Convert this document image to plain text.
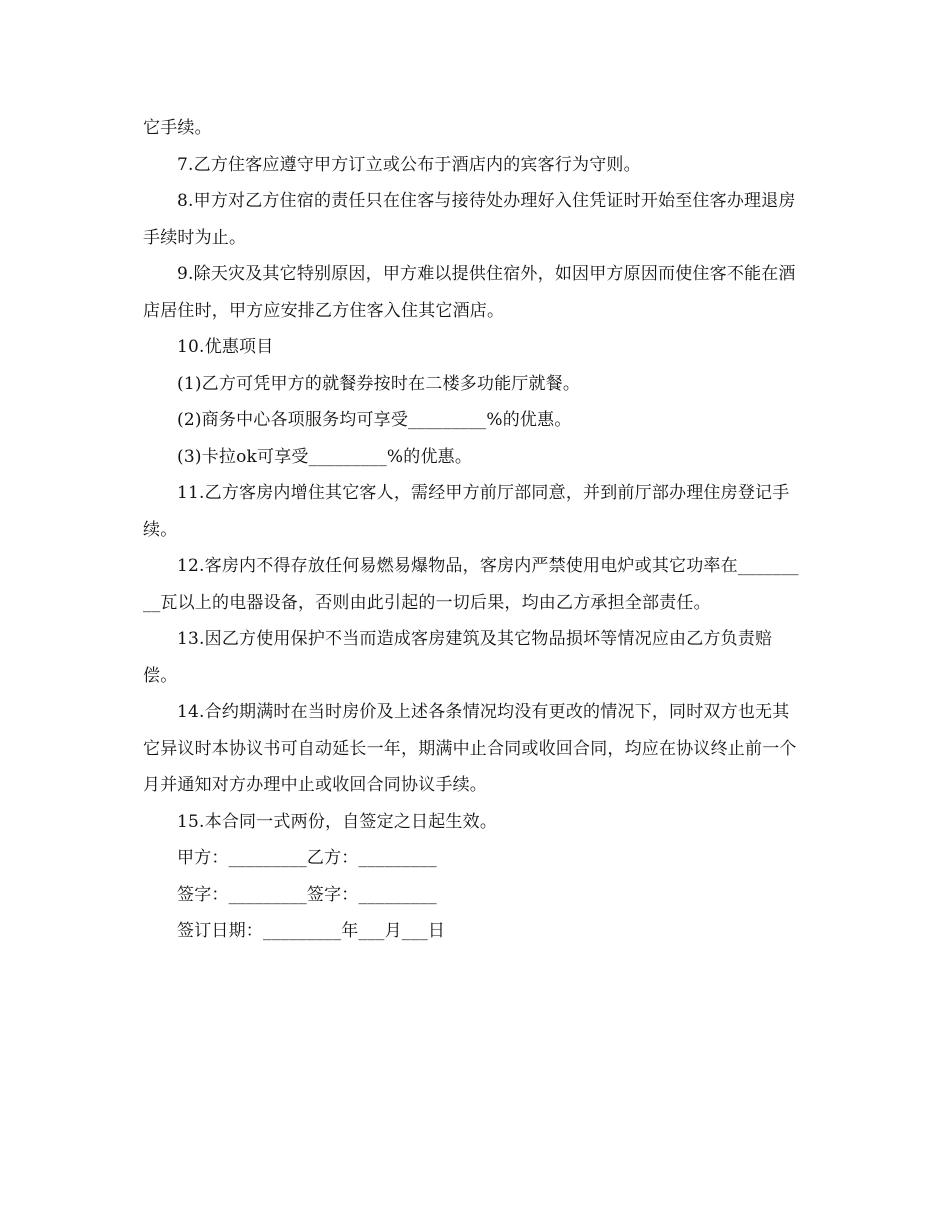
它手续。

7.乙方住客应遵守甲方订立或公布于酒店内的宾客行为守则。

8.甲方对乙方住宿的责任只在住客与接待处办理好入住凭证时开始至住客办理退房手续时为止。

9.除天灾及其它特别原因，甲方难以提供住宿外，如因甲方原因而使住客不能在酒店居住时，甲方应安排乙方住客入住其它酒店。

10.优惠项目

(1)乙方可凭甲方的就餐券按时在二楼多功能厅就餐。

(2)商务中心各项服务均可享受_________%的优惠。

(3)卡拉ok可享受_________%的优惠。

11.乙方客房内增住其它客人，需经甲方前厅部同意，并到前厅部办理住房登记手续。

12.客房内不得存放任何易燃易爆物品，客房内严禁使用电炉或其它功率在_________瓦以上的电器设备，否则由此引起的一切后果，均由乙方承担全部责任。

13.因乙方使用保护不当而造成客房建筑及其它物品损坏等情况应由乙方负责赔偿。

14.合约期满时在当时房价及上述各条情况均没有更改的情况下，同时双方也无其它异议时本协议书可自动延长一年，期满中止合同或收回合同，均应在协议终止前一个月并通知对方办理中止或收回合同协议手续。

15.本合同一式两份，自签定之日起生效。

甲方：_________乙方：_________

签字：_________签字：_________

签订日期：_________年___月___日
